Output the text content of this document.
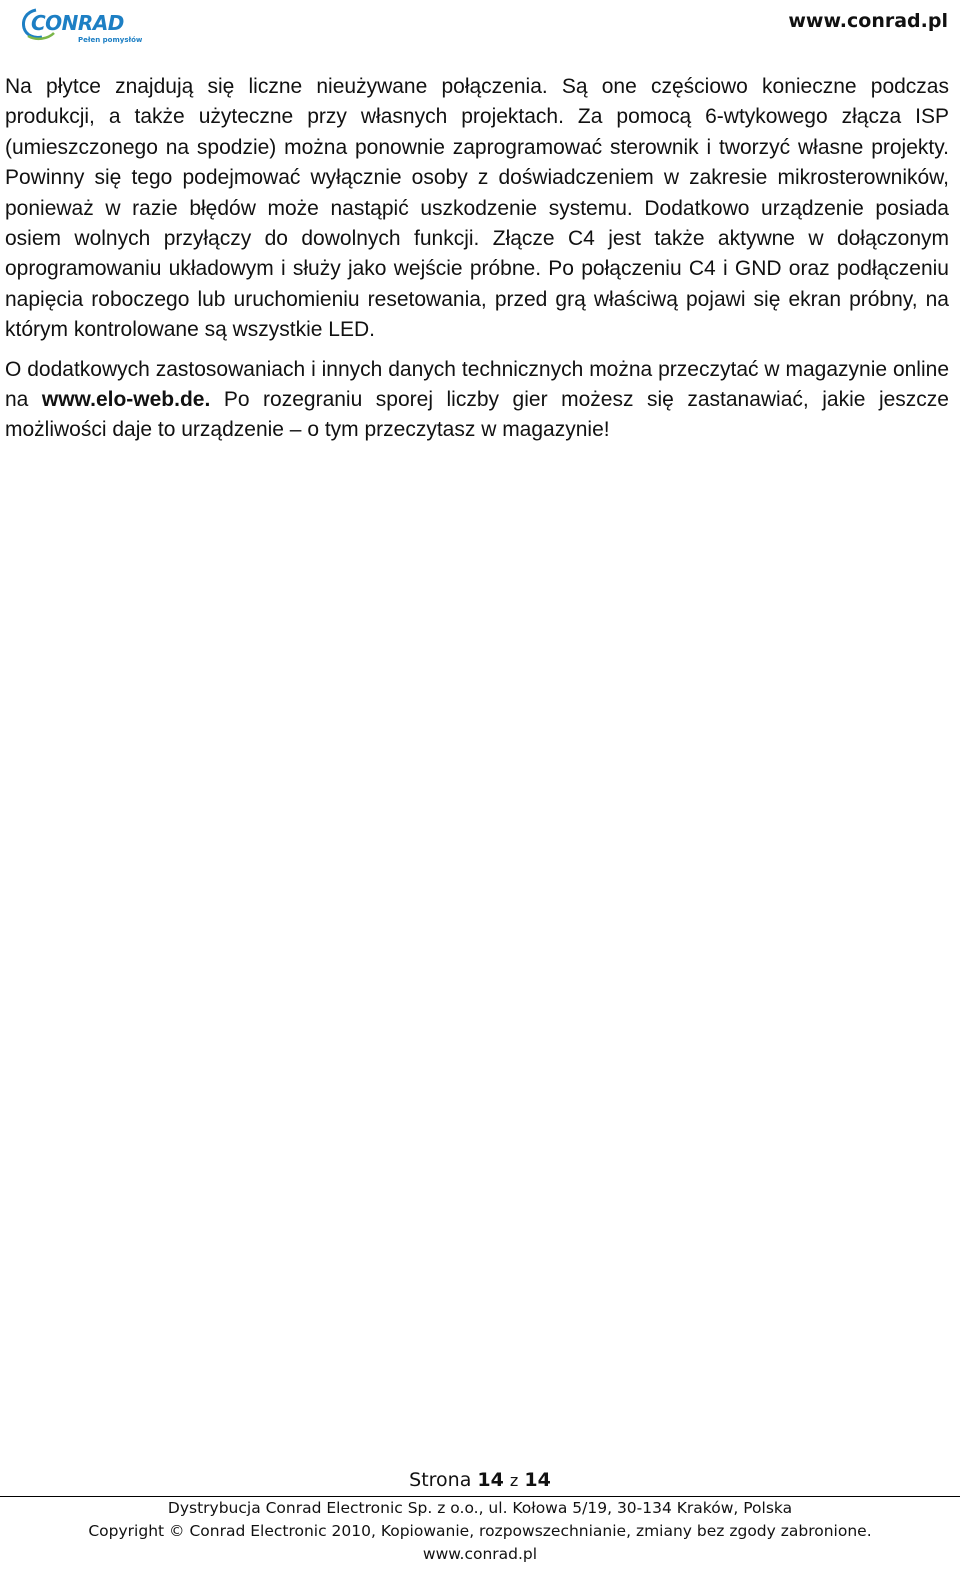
CONRAD
Pełen pomysłów
www.conrad.pl

Na płytce znajdują się liczne nieużywane połączenia. Są one częściowo konieczne podczas produkcji, a także użyteczne przy własnych projektach. Za pomocą 6-wtykowego złącza ISP (umieszczonego na spodzie) można ponownie zaprogramować sterownik i tworzyć własne projekty. Powinny się tego podejmować wyłącznie osoby z doświadczeniem w zakresie mikrosterowników, ponieważ w razie błędów może nastąpić uszkodzenie systemu. Dodatkowo urządzenie posiada osiem wolnych przyłączy do dowolnych funkcji. Złącze C4 jest także aktywne w dołączonym oprogramowaniu układowym i służy jako wejście próbne. Po połączeniu C4 i GND oraz podłączeniu napięcia roboczego lub uruchomieniu resetowania, przed grą właściwą pojawi się ekran próbny, na którym kontrolowane są wszystkie LED.

O dodatkowych zastosowaniach i innych danych technicznych można przeczytać w magazynie online na www.elo-web.de. Po rozegraniu sporej liczby gier możesz się zastanawiać, jakie jeszcze możliwości daje to urządzenie – o tym przeczytasz w magazynie!

Strona 14 z 14
Dystrybucja Conrad Electronic Sp. z o.o., ul. Kołowa 5/19, 30-134 Kraków, Polska
Copyright © Conrad Electronic 2010, Kopiowanie, rozpowszechnianie, zmiany bez zgody zabronione.
www.conrad.pl
